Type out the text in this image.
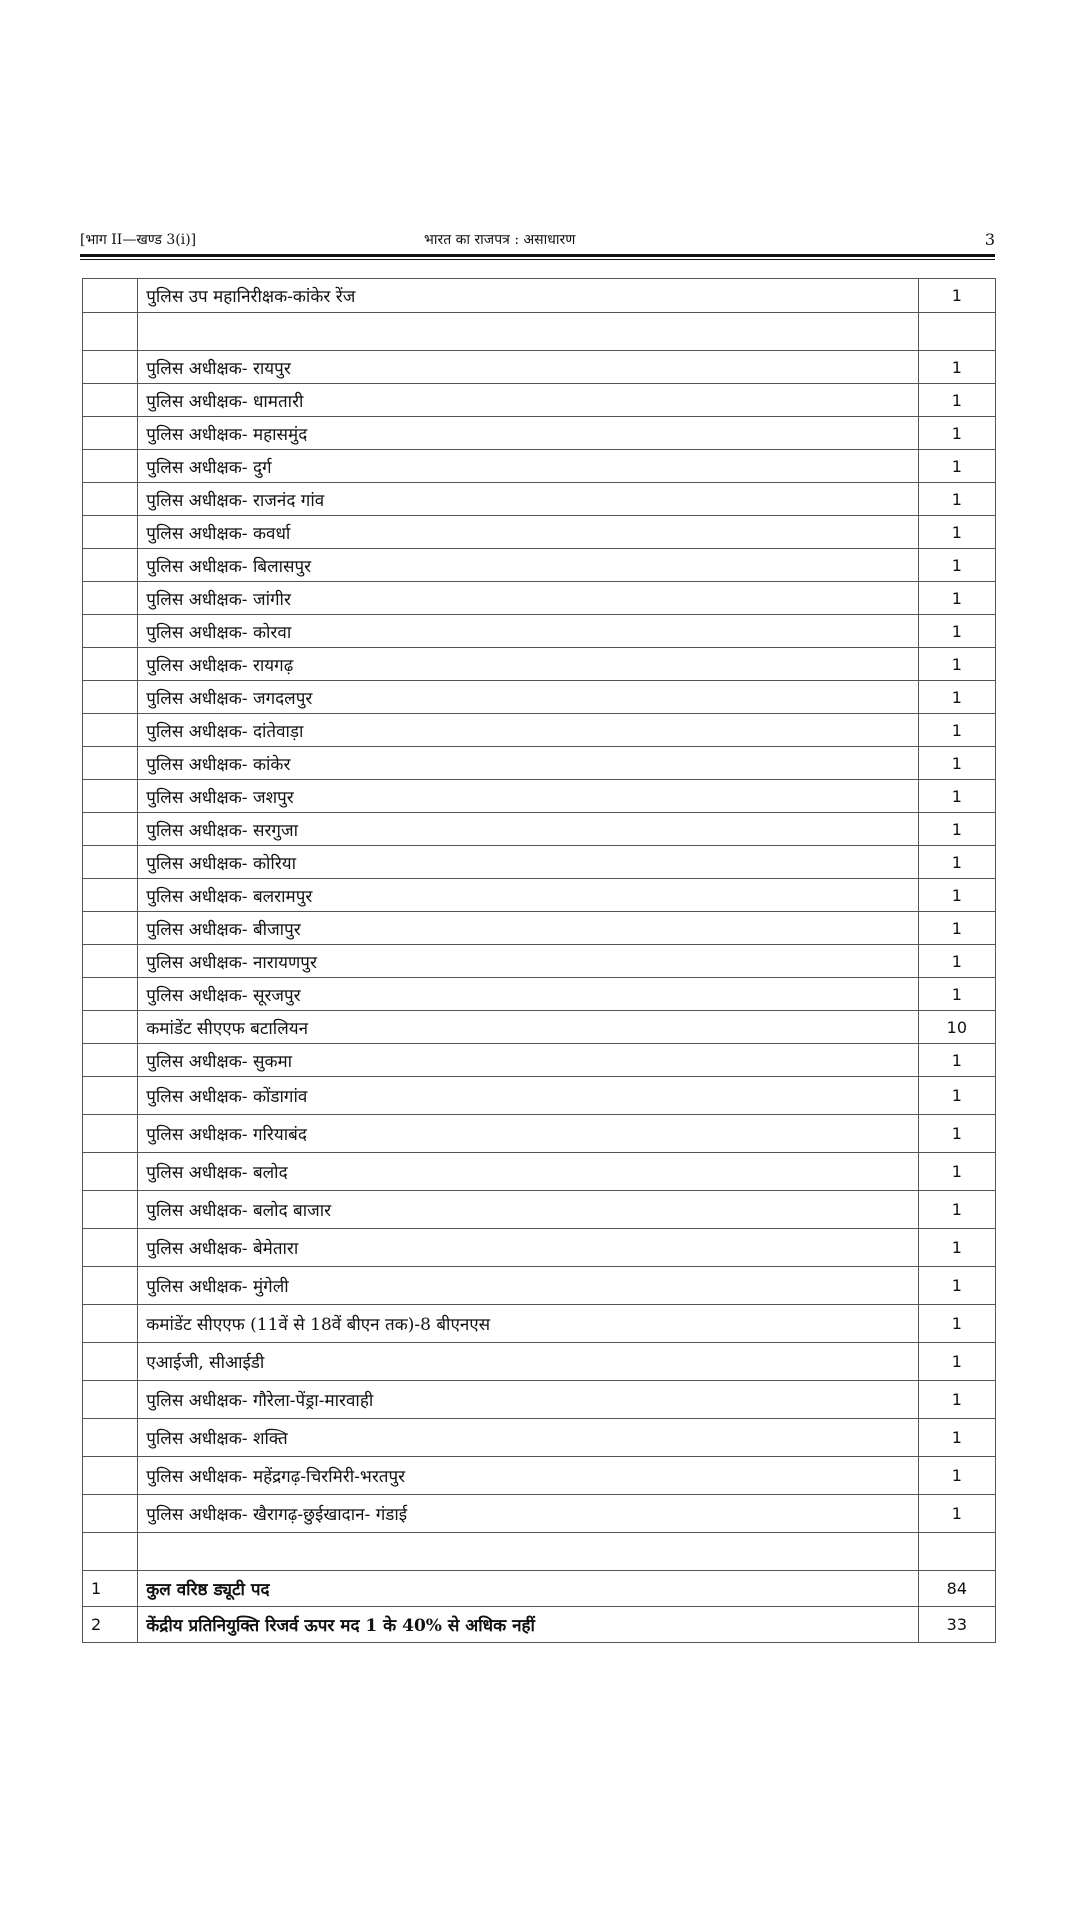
[भाग II—खण्ड 3(i)]	भारत का राजपत्र : असाधारण	3
	पुलिस उप महानिरीक्षक-कांकेर रेंज	1

	पुलिस अधीक्षक- रायपुर	1
	पुलिस अधीक्षक- धामतारी	1
	पुलिस अधीक्षक- महासमुंद	1
	पुलिस अधीक्षक- दुर्ग	1
	पुलिस अधीक्षक- राजनंद गांव	1
	पुलिस अधीक्षक- कवर्धा	1
	पुलिस अधीक्षक- बिलासपुर	1
	पुलिस अधीक्षक- जांगीर	1
	पुलिस अधीक्षक- कोरवा	1
	पुलिस अधीक्षक- रायगढ़	1
	पुलिस अधीक्षक- जगदलपुर	1
	पुलिस अधीक्षक- दांतेवाड़ा	1
	पुलिस अधीक्षक- कांकेर	1
	पुलिस अधीक्षक- जशपुर	1
	पुलिस अधीक्षक- सरगुजा	1
	पुलिस अधीक्षक- कोरिया	1
	पुलिस अधीक्षक- बलरामपुर	1
	पुलिस अधीक्षक- बीजापुर	1
	पुलिस अधीक्षक- नारायणपुर	1
	पुलिस अधीक्षक- सूरजपुर	1
	कमांडेंट सीएएफ बटालियन	10
	पुलिस अधीक्षक- सुकमा	1
	पुलिस अधीक्षक- कोंडागांव	1
	पुलिस अधीक्षक- गरियाबंद	1
	पुलिस अधीक्षक- बलोद	1
	पुलिस अधीक्षक- बलोद बाजार	1
	पुलिस अधीक्षक- बेमेतारा	1
	पुलिस अधीक्षक- मुंगेली	1
	कमांडेंट सीएएफ (11वें से 18वें बीएन तक)-8 बीएनएस	1
	एआईजी, सीआईडी	1
	पुलिस अधीक्षक- गौरेला-पेंड्रा-मारवाही	1
	पुलिस अधीक्षक- शक्ति	1
	पुलिस अधीक्षक- महेंद्रगढ़-चिरमिरी-भरतपुर	1
	पुलिस अधीक्षक- खैरागढ़-छुईखादान- गंडाई	1

1	कुल वरिष्ठ ड्यूटी पद	84
2	केंद्रीय प्रतिनियुक्ति रिजर्व ऊपर मद 1 के 40% से अधिक नहीं	33
